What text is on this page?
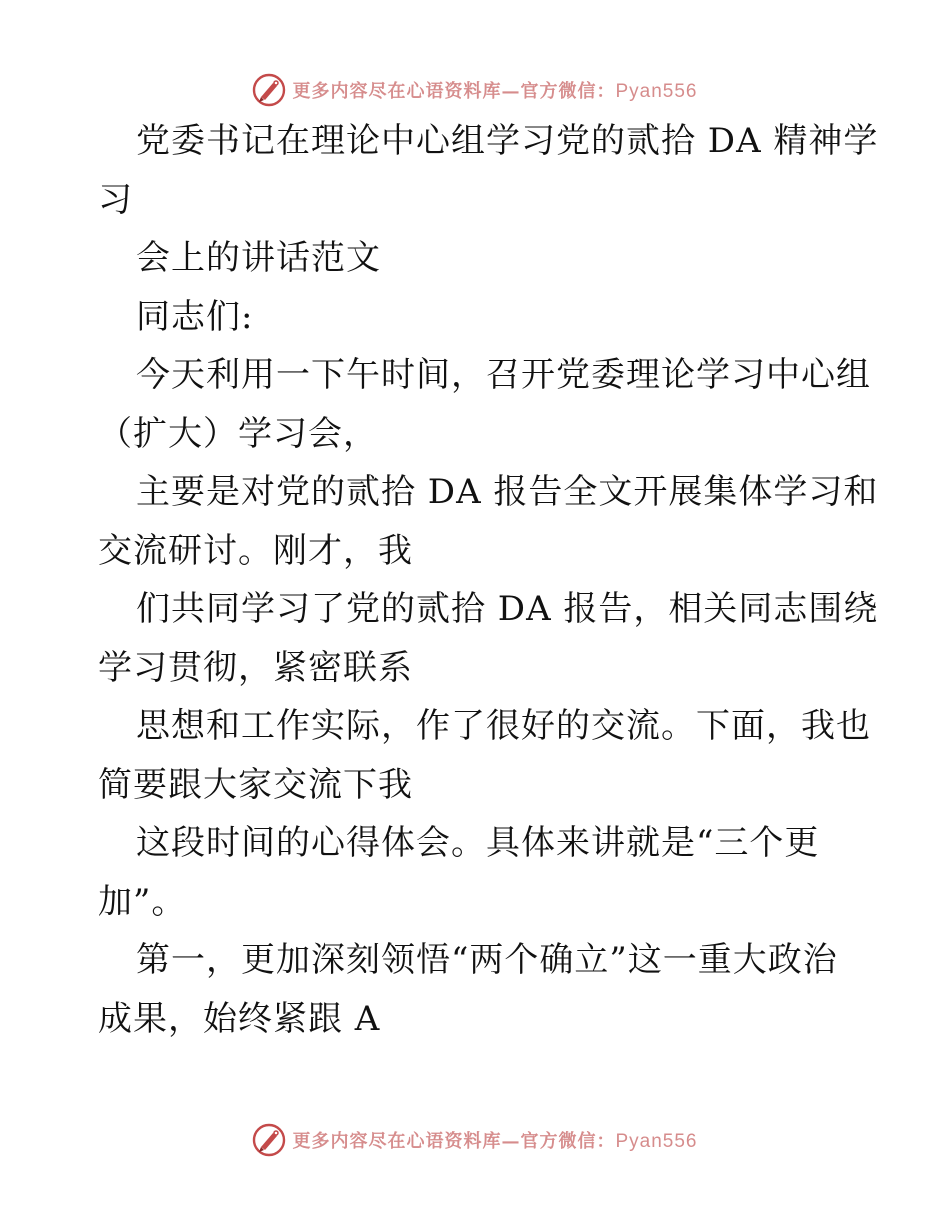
更多内容尽在心语资料库—官方微信：Pyan556

党委书记在理论中心组学习党的贰拾 DA 精神学

习

会上的讲话范文

同志们:

今天利用一下午时间，召开党委理论学习中心组

（扩大）学习会，

主要是对党的贰拾 DA 报告全文开展集体学习和

交流研讨。刚才，我

们共同学习了党的贰拾 DA 报告，相关同志围绕

学习贯彻，紧密联系

思想和工作实际，作了很好的交流。下面，我也

简要跟大家交流下我

这段时间的心得体会。具体来讲就是“三个更

加”。

第一，更加深刻领悟“两个确立”这一重大政治

成果，始终紧跟 A

更多内容尽在心语资料库—官方微信：Pyan556
